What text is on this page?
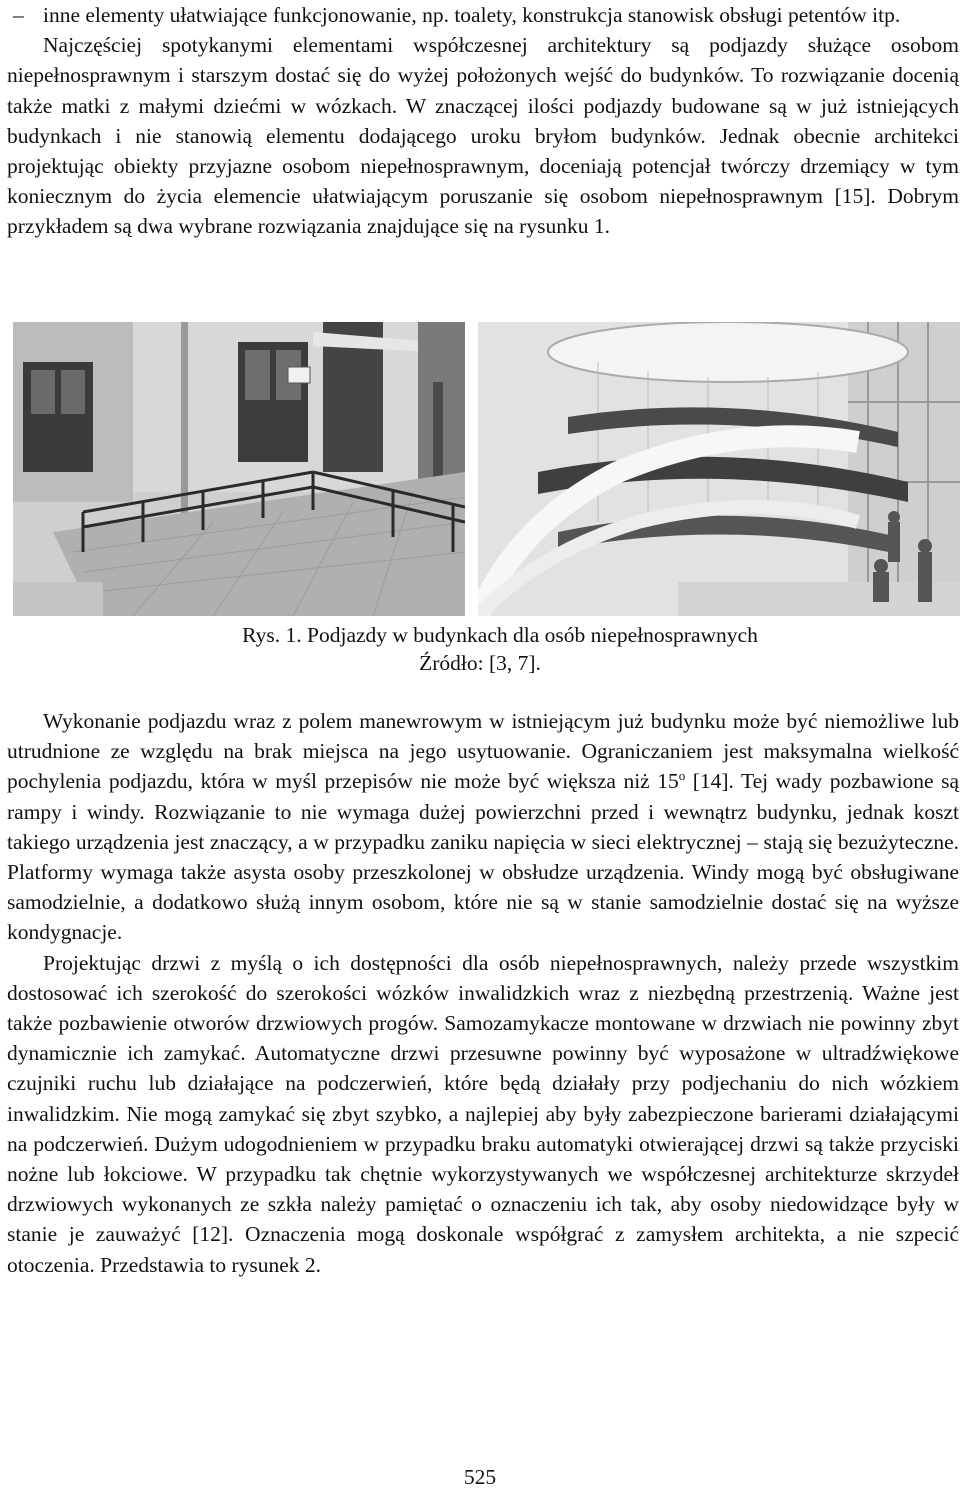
– inne elementy ułatwiające funkcjonowanie, np. toalety, konstrukcja stanowisk obsługi petentów itp.

Najczęściej spotykanymi elementami współczesnej architektury są podjazdy służące osobom niepełnosprawnym i starszym dostać się do wyżej położonych wejść do budynków. To rozwiązanie docenią także matki z małymi dziećmi w wózkach. W znaczącej ilości podjazdy budowane są w już istniejących budynkach i nie stanowią elementu dodającego uroku bryłom budynków. Jednak obecnie architekci projektując obiekty przyjazne osobom niepełnosprawnym, doceniają potencjał twórczy drzemiący w tym koniecznym do życia elemencie ułatwiającym poruszanie się osobom niepełnosprawnym [15]. Dobrym przykładem są dwa wybrane rozwiązania znajdujące się na rysunku 1.

Rys. 1. Podjazdy w budynkach dla osób niepełnosprawnych
Źródło: [3, 7].

Wykonanie podjazdu wraz z polem manewrowym w istniejącym już budynku może być niemożliwe lub utrudnione ze względu na brak miejsca na jego usytuowanie. Ograniczaniem jest maksymalna wielkość pochylenia podjazdu, która w myśl przepisów nie może być większa niż 15$^o$ [14]. Tej wady pozbawione są rampy i windy. Rozwiązanie to nie wymaga dużej powierzchni przed i wewnątrz budynku, jednak koszt takiego urządzenia jest znaczący, a w przypadku zaniku napięcia w sieci elektrycznej – stają się bezużyteczne. Platformy wymaga także asysta osoby przeszkolonej w obsłudze urządzenia. Windy mogą być obsługiwane samodzielnie, a dodatkowo służą innym osobom, które nie są w stanie samodzielnie dostać się na wyższe kondygnacje.

Projektując drzwi z myślą o ich dostępności dla osób niepełnosprawnych, należy przede wszystkim dostosować ich szerokość do szerokości wózków inwalidzkich wraz z niezbędną przestrzenią. Ważne jest także pozbawienie otworów drzwiowych progów. Samozamykacze montowane w drzwiach nie powinny zbyt dynamicznie ich zamykać. Automatyczne drzwi przesuwne powinny być wyposażone w ultradźwiękowe czujniki ruchu lub działające na podczerwień, które będą działały przy podjechaniu do nich wózkiem inwalidzkim. Nie mogą zamykać się zbyt szybko, a najlepiej aby były zabezpieczone barierami działającymi na podczerwień. Dużym udogodnieniem w przypadku braku automatyki otwierającej drzwi są także przyciski nożne lub łokciowe. W przypadku tak chętnie wykorzystywanych we współczesnej architekturze skrzydeł drzwiowych wykonanych ze szkła należy pamiętać o oznaczeniu ich tak, aby osoby niedowidzące były w stanie je zauważyć [12]. Oznaczenia mogą doskonale współgrać z zamysłem architekta, a nie szpecić otoczenia. Przedstawia to rysunek 2.

525
